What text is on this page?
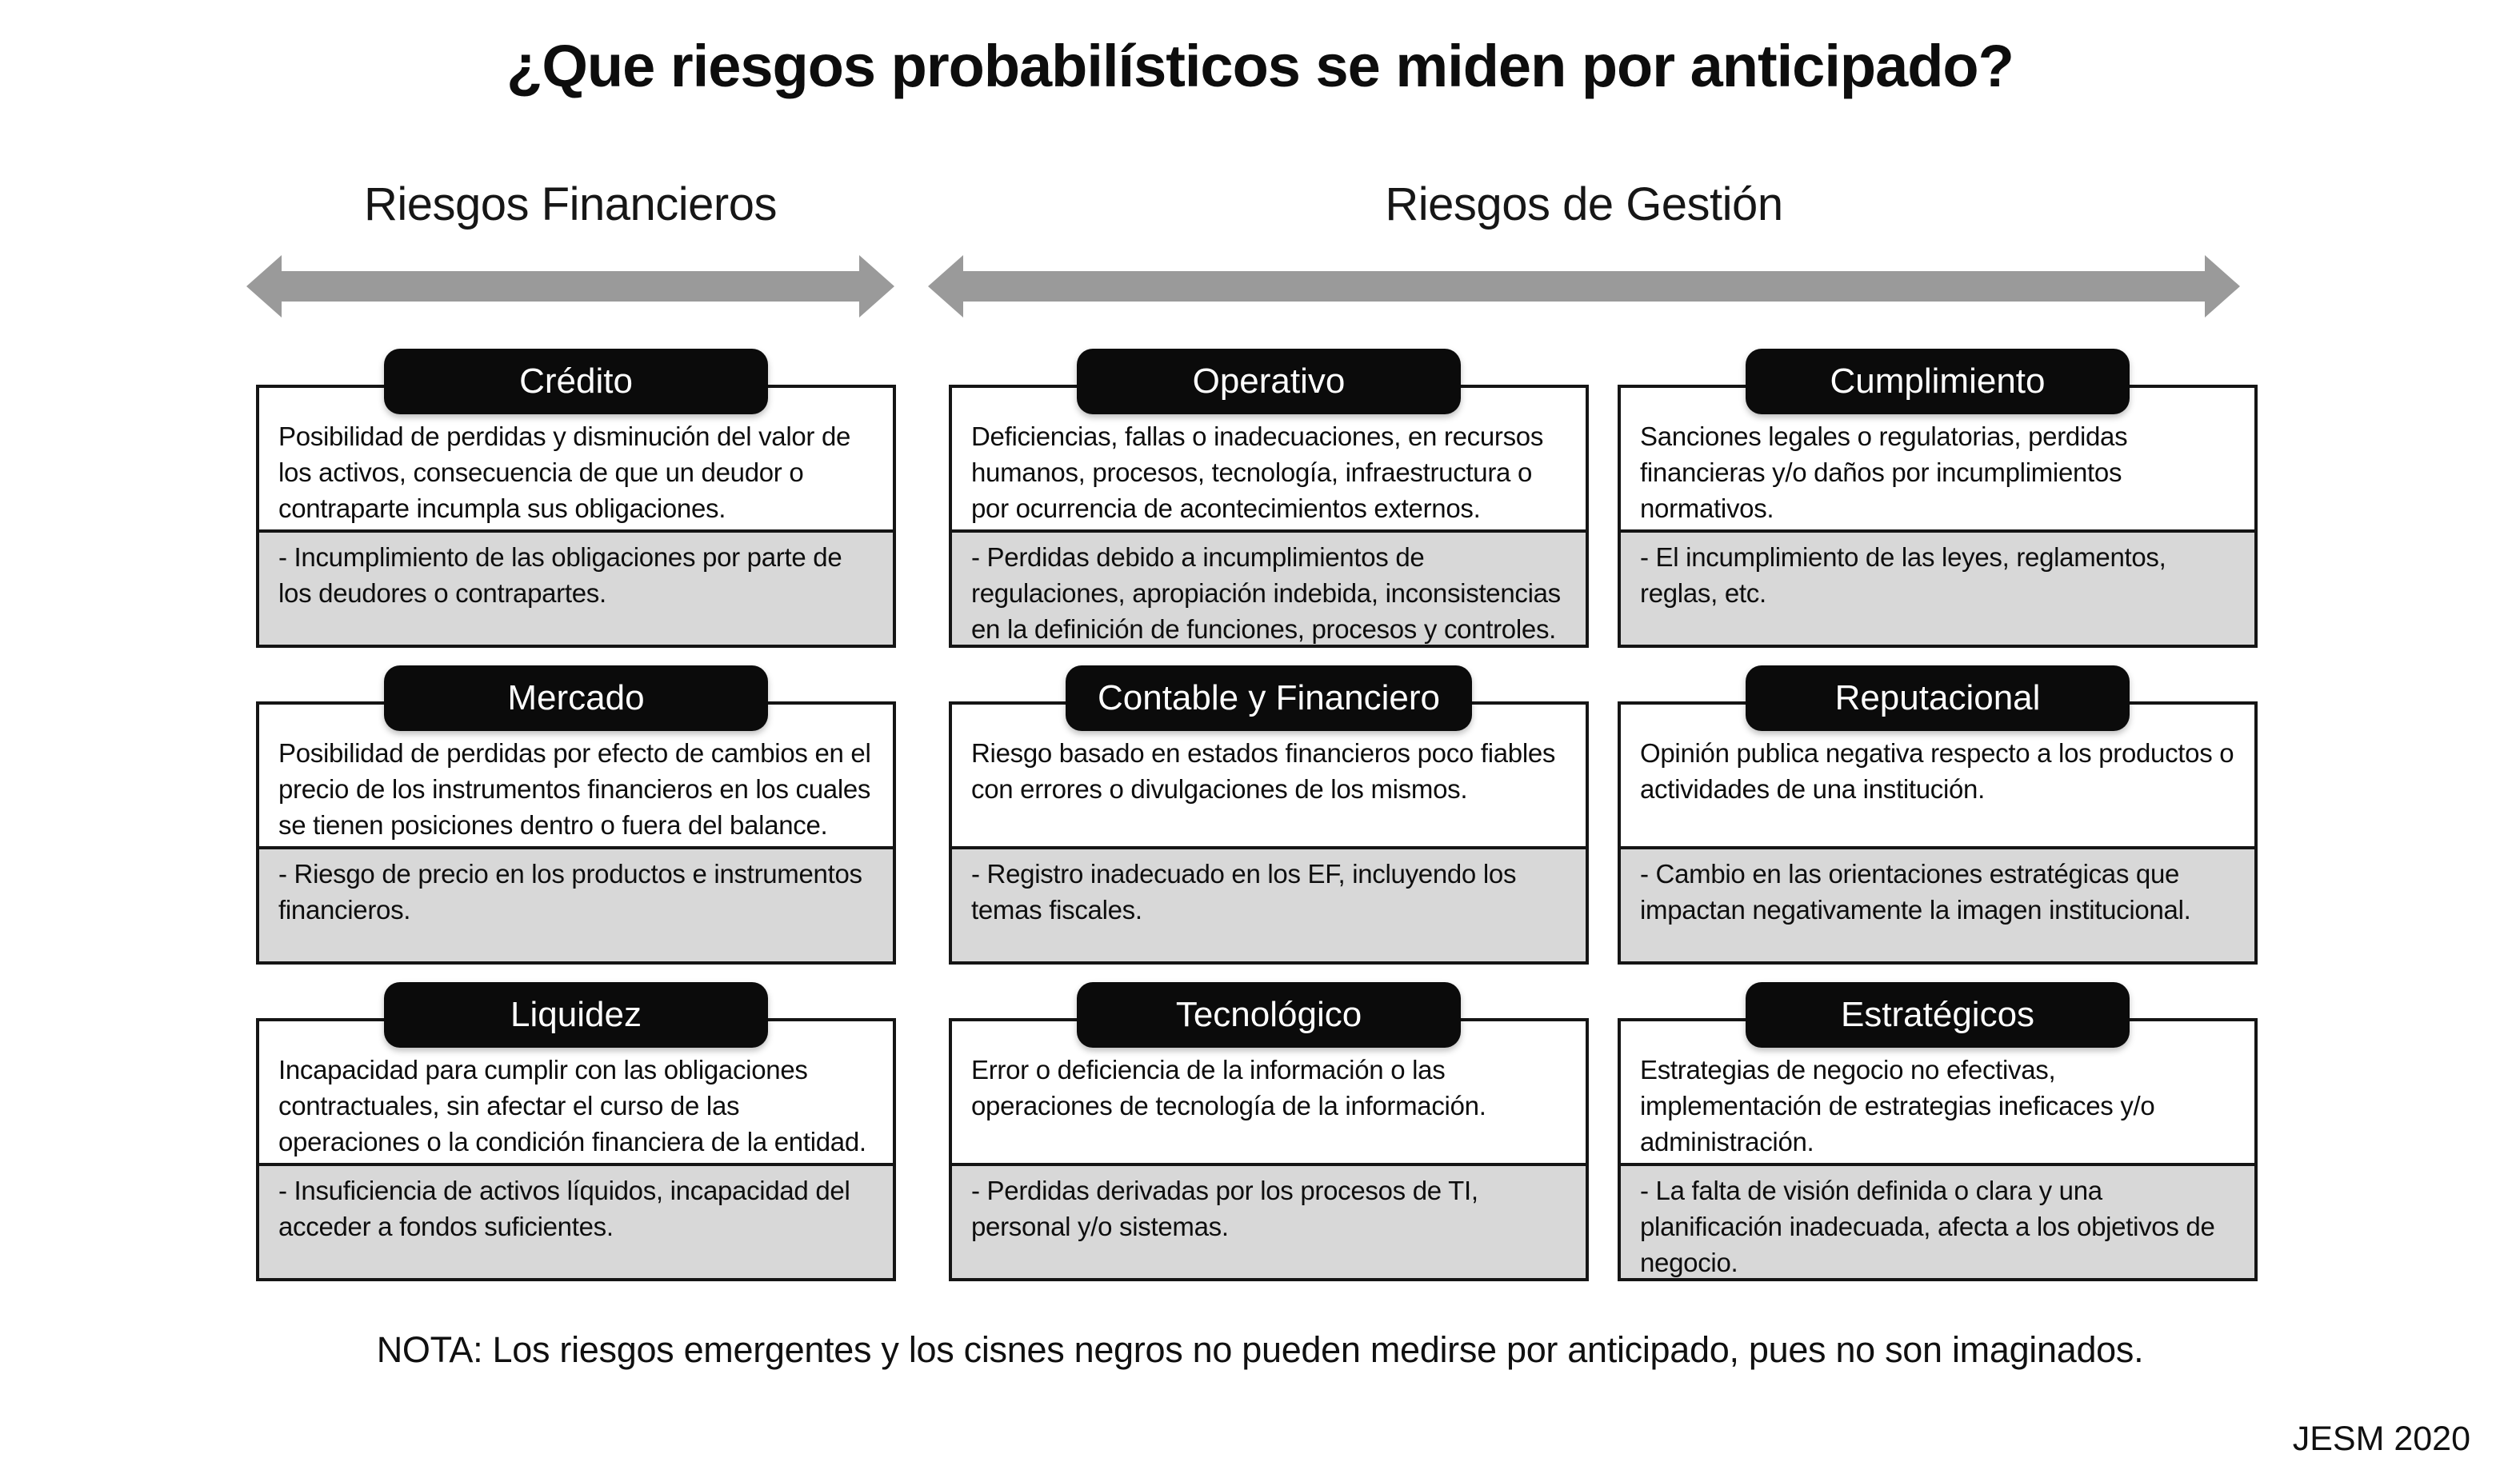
¿Que riesgos probabilísticos se miden por anticipado?
Riesgos Financieros	Riesgos de Gestión
Crédito
Posibilidad de perdidas y disminución del valor de los activos, consecuencia de que un deudor o contraparte incumpla sus obligaciones.
- Incumplimiento de las obligaciones por parte de los deudores o contrapartes.
Operativo
Deficiencias, fallas o inadecuaciones, en recursos humanos, procesos, tecnología, infraestructura o por ocurrencia de acontecimientos externos.
- Perdidas debido a incumplimientos de regulaciones, apropiación indebida, inconsistencias en la definición de funciones, procesos y controles.
Cumplimiento
Sanciones legales o regulatorias, perdidas financieras y/o daños por incumplimientos normativos.
- El incumplimiento de las leyes, reglamentos, reglas, etc.
Mercado
Posibilidad de perdidas por efecto de cambios en el precio de los instrumentos financieros en los cuales se tienen posiciones dentro o fuera del balance.
- Riesgo de precio en los productos e instrumentos financieros.
Contable y Financiero
Riesgo basado en estados financieros poco fiables con errores o divulgaciones de los mismos.
- Registro inadecuado en los EF, incluyendo los temas fiscales.
Reputacional
Opinión publica negativa respecto a los productos o actividades de una institución.
- Cambio en las orientaciones estratégicas que impactan negativamente la imagen institucional.
Liquidez
Incapacidad para cumplir con las obligaciones contractuales, sin afectar el curso de las operaciones o la condición financiera de la entidad.
- Insuficiencia de activos líquidos, incapacidad del acceder a fondos suficientes.
Tecnológico
Error o deficiencia de la información o las operaciones de tecnología de la información.
- Perdidas derivadas por los procesos de TI, personal y/o sistemas.
Estratégicos
Estrategias de negocio no efectivas, implementación de estrategias ineficaces y/o administración.
- La falta de visión definida o clara y una planificación inadecuada, afecta a los objetivos de negocio.
NOTA: Los riesgos emergentes y los cisnes negros no pueden medirse por anticipado, pues no son imaginados.
JESM 2020
